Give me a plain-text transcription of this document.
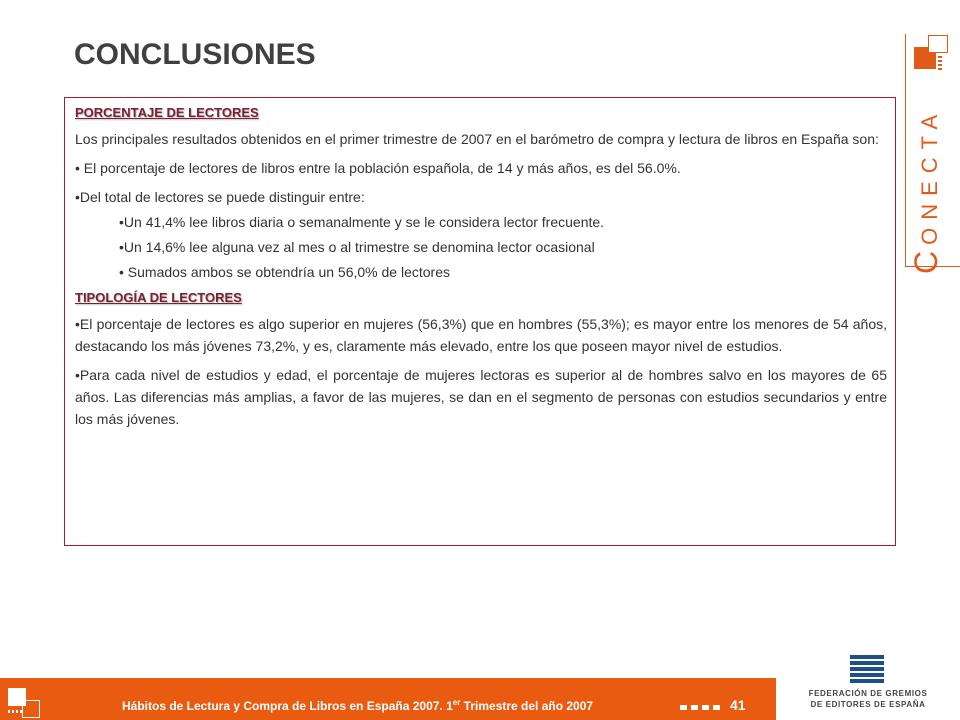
CONCLUSIONES
CONECTA

PORCENTAJE DE LECTORES

Los principales resultados obtenidos en el primer trimestre de 2007 en el barómetro de compra y lectura de libros en España son:

• El porcentaje de lectores de libros entre la población española, de 14 y más años, es del 56.0%.

•Del total de lectores se puede distinguir entre:

•Un 41,4% lee libros diaria o semanalmente y se le considera lector frecuente.

•Un 14,6% lee alguna vez al mes o al trimestre se denomina lector ocasional

• Sumados ambos se obtendría un 56,0% de lectores

TIPOLOGÍA DE LECTORES

•El porcentaje de lectores es algo superior en mujeres (56,3%) que en hombres (55,3%); es mayor entre los menores de 54 años, destacando los más jóvenes 73,2%, y es, claramente más elevado, entre los que poseen mayor nivel de estudios.

•Para cada nivel de estudios y edad, el porcentaje de mujeres lectoras es superior al de hombres salvo en los mayores de 65 años. Las diferencias más amplias, a favor de las mujeres, se dan en el segmento de personas con estudios secundarios y entre los más jóvenes.

Hábitos de Lectura y Compra de Libros en España 2007. 1er Trimestre del año 2007	41
FEDERACIÓN DE GREMIOS
DE EDITORES DE ESPAÑA
